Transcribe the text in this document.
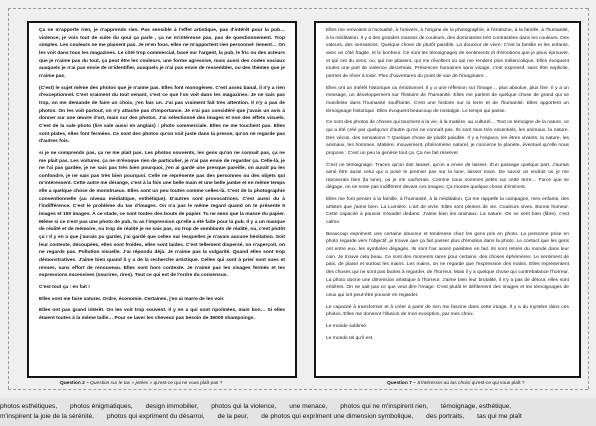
Ça ne m'apporte rien, je n'apprends rien. Pas sensible à l'effet artistique, pas d'intérêt pour la pub… violence, je vois tout de suite du qoui ça parle , ça ne m'intéresse pas, pas de questionnement. Trop simples. Les couleurs ne me plaisent pas. Je m'en fous, elles ne m'apportent rien personnel- lement… On les voit dans tous les magazines. Le côté trop commercial, basé sur l'argent, la pub, le fric ou des acteurs que je n'aime pas du tout, ça peut être les couleurs, une forme agressive, mais aussi des codes sociaux auxquels je n'ai pas envie de m'identifier, auxquels je n'ai pas envie de ressembler, ou des thèmes que je n'aime pas.

(C'est) le sujet même des photos que je n'aime pas. Elles font monogènes. C'est assez banal, il n'y a rien d'exceptionnel. C'est vraiment du tout venant, c'est ce que l'on voit dans les magazines. Je ne sais pas trop, on me demande de faire un choix, j'en fais un. J'ai pas vraiment fait très attention. Il n'y a pas de photos. On les voit partout, on n'y attache pas d'importance. Je n'ai pas considéré que j'avais un avis à donner sur une œuvre d'art, mais sur des photos. J'ai sélectionné des images et non des effets visuels. C'est de la sale photo (lire sale aussi en anglais) : photo commerciale. Elles ne me touchent pas. Elles sont plates, elles font fermées. Ce sont des photos qu'on voit juste dans la presse, qu'on ne regarde pas d'autres fois.

si je ne comprends pas, ça ne me plait pas. Les photos souvents, les gens qu'on ne connait pas, ça ne me plait pas. Les voitures, ça ne m'évoque rien de particulier, je n'ai pas envie de regarder ça. Celle-là, je ne l'ai pas gardée, je ne sais pas très bien pourquoi, j'en ai gardé une presque pareille, on aurait pu les confondre, je ne sais pas très bien pourquoi. Celle ne représente pas des personnes ou des objets qui m'intéressent. Cette autre me dérange, c'est à la fois une belle main et une belle jambe et en même temps elle a quelque chose de monstrueux. Elles sont un peu toutes comme celles-là. C'est de la photographie conventionnelle (au niveau médiatique, esthétique). D'autres sont provocatrices. C'est aussi du à l'indifférence. C'est le problème du tas d'images. On n'a pas le même regard quand on te présente 5 images et 150 images. À ce stade, ce sont toutes des bouts de papier. Tu ne sens que la masse du papier. Même si ce n'est pas une photo de pub, tu as l'impression qu'elle a été faite pour la pub. Il y a un manque de réalité et de mémoire, ou trop de réalité je ne sais pas, ou trop de semblants de réalité, ou, c'est plutôt ça ! Il y en a que j'aurais pu garder, j'ai gardé que celles sur lesquelles je n'avais aucune hésitation. Soit leur contexte, découpées, elles sont froides, elles sont laides. C'est tellement dispersé, on n'aperçoit, on ne regarde pas. Pollution visuelle. J'ai répondu déjà. Je n'aime pas la vulgarité. Quand elles sont trop démonstratives. J'aime bien quand il y a de la recherche artistique. Celles qui sont à prier sont vues et revues, sans effort de renouveau. Elles sont hors contexte. Je n'aime pas les visages fermés et les expressions excessives (sourires, rires). Tout ce qui est de l'ordre du consensus.

C'est tout ça : en fait !

Elles vont me faire saturer. Ordre, économie. Certaines, j'en ai marre de les voir.

Elles ont pas grand intérêt. On les voit trop souvent. Il y en a qui sont ripolinées, mais bon… Si elles étaient toutes à la même taille… Pour se laver les cheveux pas besoin de 36000 shampoings.

Elles me renvoient à l'actualité, à l'univers, à l'origine de la photographie, à l'érotisme, à la famille, à l'humanité, à la méditation. Il y a des grandes masses de couleurs, des dominantes très contrastées dans les couleurs. Des valeurs, des sensations. Quelque chose de plutôt paisible. La douceur de vivre. C'est la famille et les enfants, avec un côté fragile, et le bonheur. Ce sont les témoignages de sentiments et d'émotions que je peux éprouver, et qui ont du sens, ou, qui me plaisent, qui me révoltent ou qui me rendent plus mélancolique. Elles évoquent toutes une part de violence désormais. Présences humaines sans visage, c'est expressif, sans être explicite, permet de rêver à loisir. Plus d'ouvertures du point de vue de l'imaginaire…

Elles ont un intérêt historique ou émotionnel. Il y a une réflexion sur l'image… plus absolue, plus fine. Il y a un message, un développement sur l'histoire de l'humanité. Elles me parlent de quelque chose de grand qui se manifeste dans l'humanité souffrante. C'est une histoire sur la terre et de l'humanité. Elles apportent un témoignage historique. Elles évoquent beaucoup de nostalgie. Le temps qui passe.

Ce sont des photos de choses qui touchent à la vie, à la matière, au culturel… Tout ce témoigne de la nature, ce qui a été créé par quelqu'un d'autre qu'on ne connaît pas. Ils sont tous très essentiels, les animaux, la nature. Des vécus, des sensations ? Quelque chose de plutôt paisible. Il y a l'espace, les êtres vivants, la nature, les animaux, les hommes. Matière, mouvement, phénomène naturel, je concerne la planète, éventuel qu'elle nous propose : C'est un peu la genèse tout ça. Ça me fait réserver.

C'est un témoignage. Traces qu'on doit laisser, qu'on a envie de laisser, d'un passage quelque part. J'aurais aimé être aussi celui qui a posé le premier pas sur la lune, laisser trace. De savoir un endroit où je me reposerais bien (la lune), ou je me cacherais. Comme nous sommes petits sur cette terre… Force que se dégage, on ne reste pas indifférent devant ces images. Ça montre quelque chose d'éminent.

Elles me font penser à la famille, à l'humanité, à la méditation. Ça me rappelle la campagne, mes enfants, des artistes que j'aime bien. La Lumière. L'art de vivre. Elles sont pleines de vie. Couleurs vives. Bonne humeur. Cette capacité à pouvoir s'évader dedans. J'aime bien les animaux. La nature. On se sent bien (libre), c'est calme.

Beaucoup expriment une certaine douceur et tendresse chez les gens pris en photo. La personne prise en photo regarde vers l'objectif, je trouve que ça fait passer plus d'émotion dans la photo. Le contact que les gens ont entre eux, les symboles dégagés. Ils sont l'air assez paisibles en fait. Ils sont retirés du monde dans leur coin. Je trouve cela beau. Ce sont des moments rares pour certains, des choses éphémères. Le sentiment de paix, de plaisir et surtout les mains. Les mains, on ne regarde que l'expression des mains. Elles représentent des choses qui ne sont pas faciles à regarder, de l'horreur. Mais il y a quelque chose qui contrebalance l'horreur. La photo donne une dimension artistique à l'horreur. J'aime bien leur brutalité, il n'y a pas de détour, elles sont entières. On ne sait pas ce que veut dire l'image. C'est plutôt le défilement des images et les témoignages de ceux qui ont peut-être pouvoir en regarder.

Le capacité à transformer et à créer à partir de rien me fascine dans cette image. Il y a du mystère dans ces photos. Elles me donnent l'illusion de mon exception, par mes choix.

Le monde sublimé.

Le monde tel qu'il est.

Question 2 – Question sur le tas « jetées » qu'est-ce qui ne vous plaît pas ?	Question 7 – S'intéresser au tas choisi qu'est-ce qui vous plaît ?
photos esthétiques, photos énigmatiques, design immobilier, photos qui la violence, une menace, photos qui ne m'inspirent rien, témoignage, esthétique,
m'inspirent la joie de la sérénité, photos qui expriment du désarroi, de la peur, de photos qui expriment une dimension symbolique, des portraits, tas qui me plaît
